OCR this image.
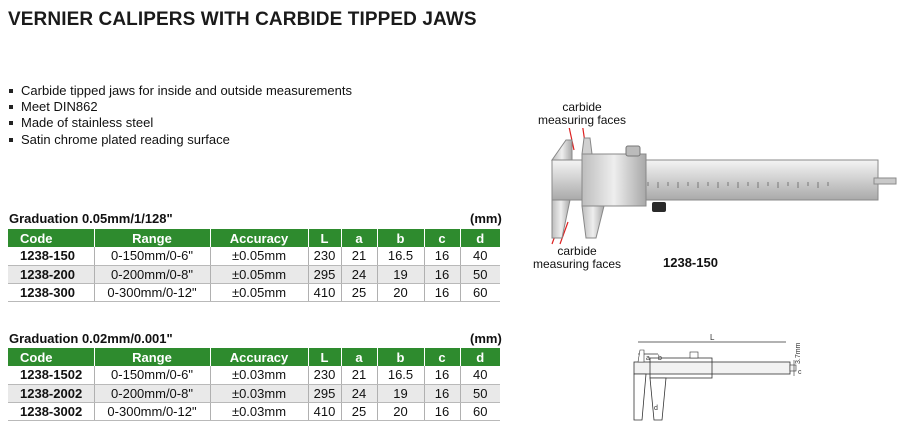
VERNIER CALIPERS WITH CARBIDE TIPPED JAWS
Carbide tipped jaws for inside and outside measurements
Meet DIN862
Made of stainless steel
Satin chrome plated reading surface
Graduation 0.05mm/1/128"	(mm)
Code	Range	Accuracy	L	a	b	c	d
1238-150	0-150mm/0-6"	±0.05mm	230	21	16.5	16	40
1238-200	0-200mm/0-8"	±0.05mm	295	24	19	16	50
1238-300	0-300mm/0-12"	±0.05mm	410	25	20	16	60
Graduation 0.02mm/0.001"	(mm)
Code	Range	Accuracy	L	a	b	c	d
1238-1502	0-150mm/0-6"	±0.03mm	230	21	16.5	16	40
1238-2002	0-200mm/0-8"	±0.03mm	295	24	19	16	50
1238-3002	0-300mm/0-12"	±0.03mm	410	25	20	16	60
carbide
measuring faces
carbide
measuring faces	1238-150
L
b
a
d
c
3.7mm
